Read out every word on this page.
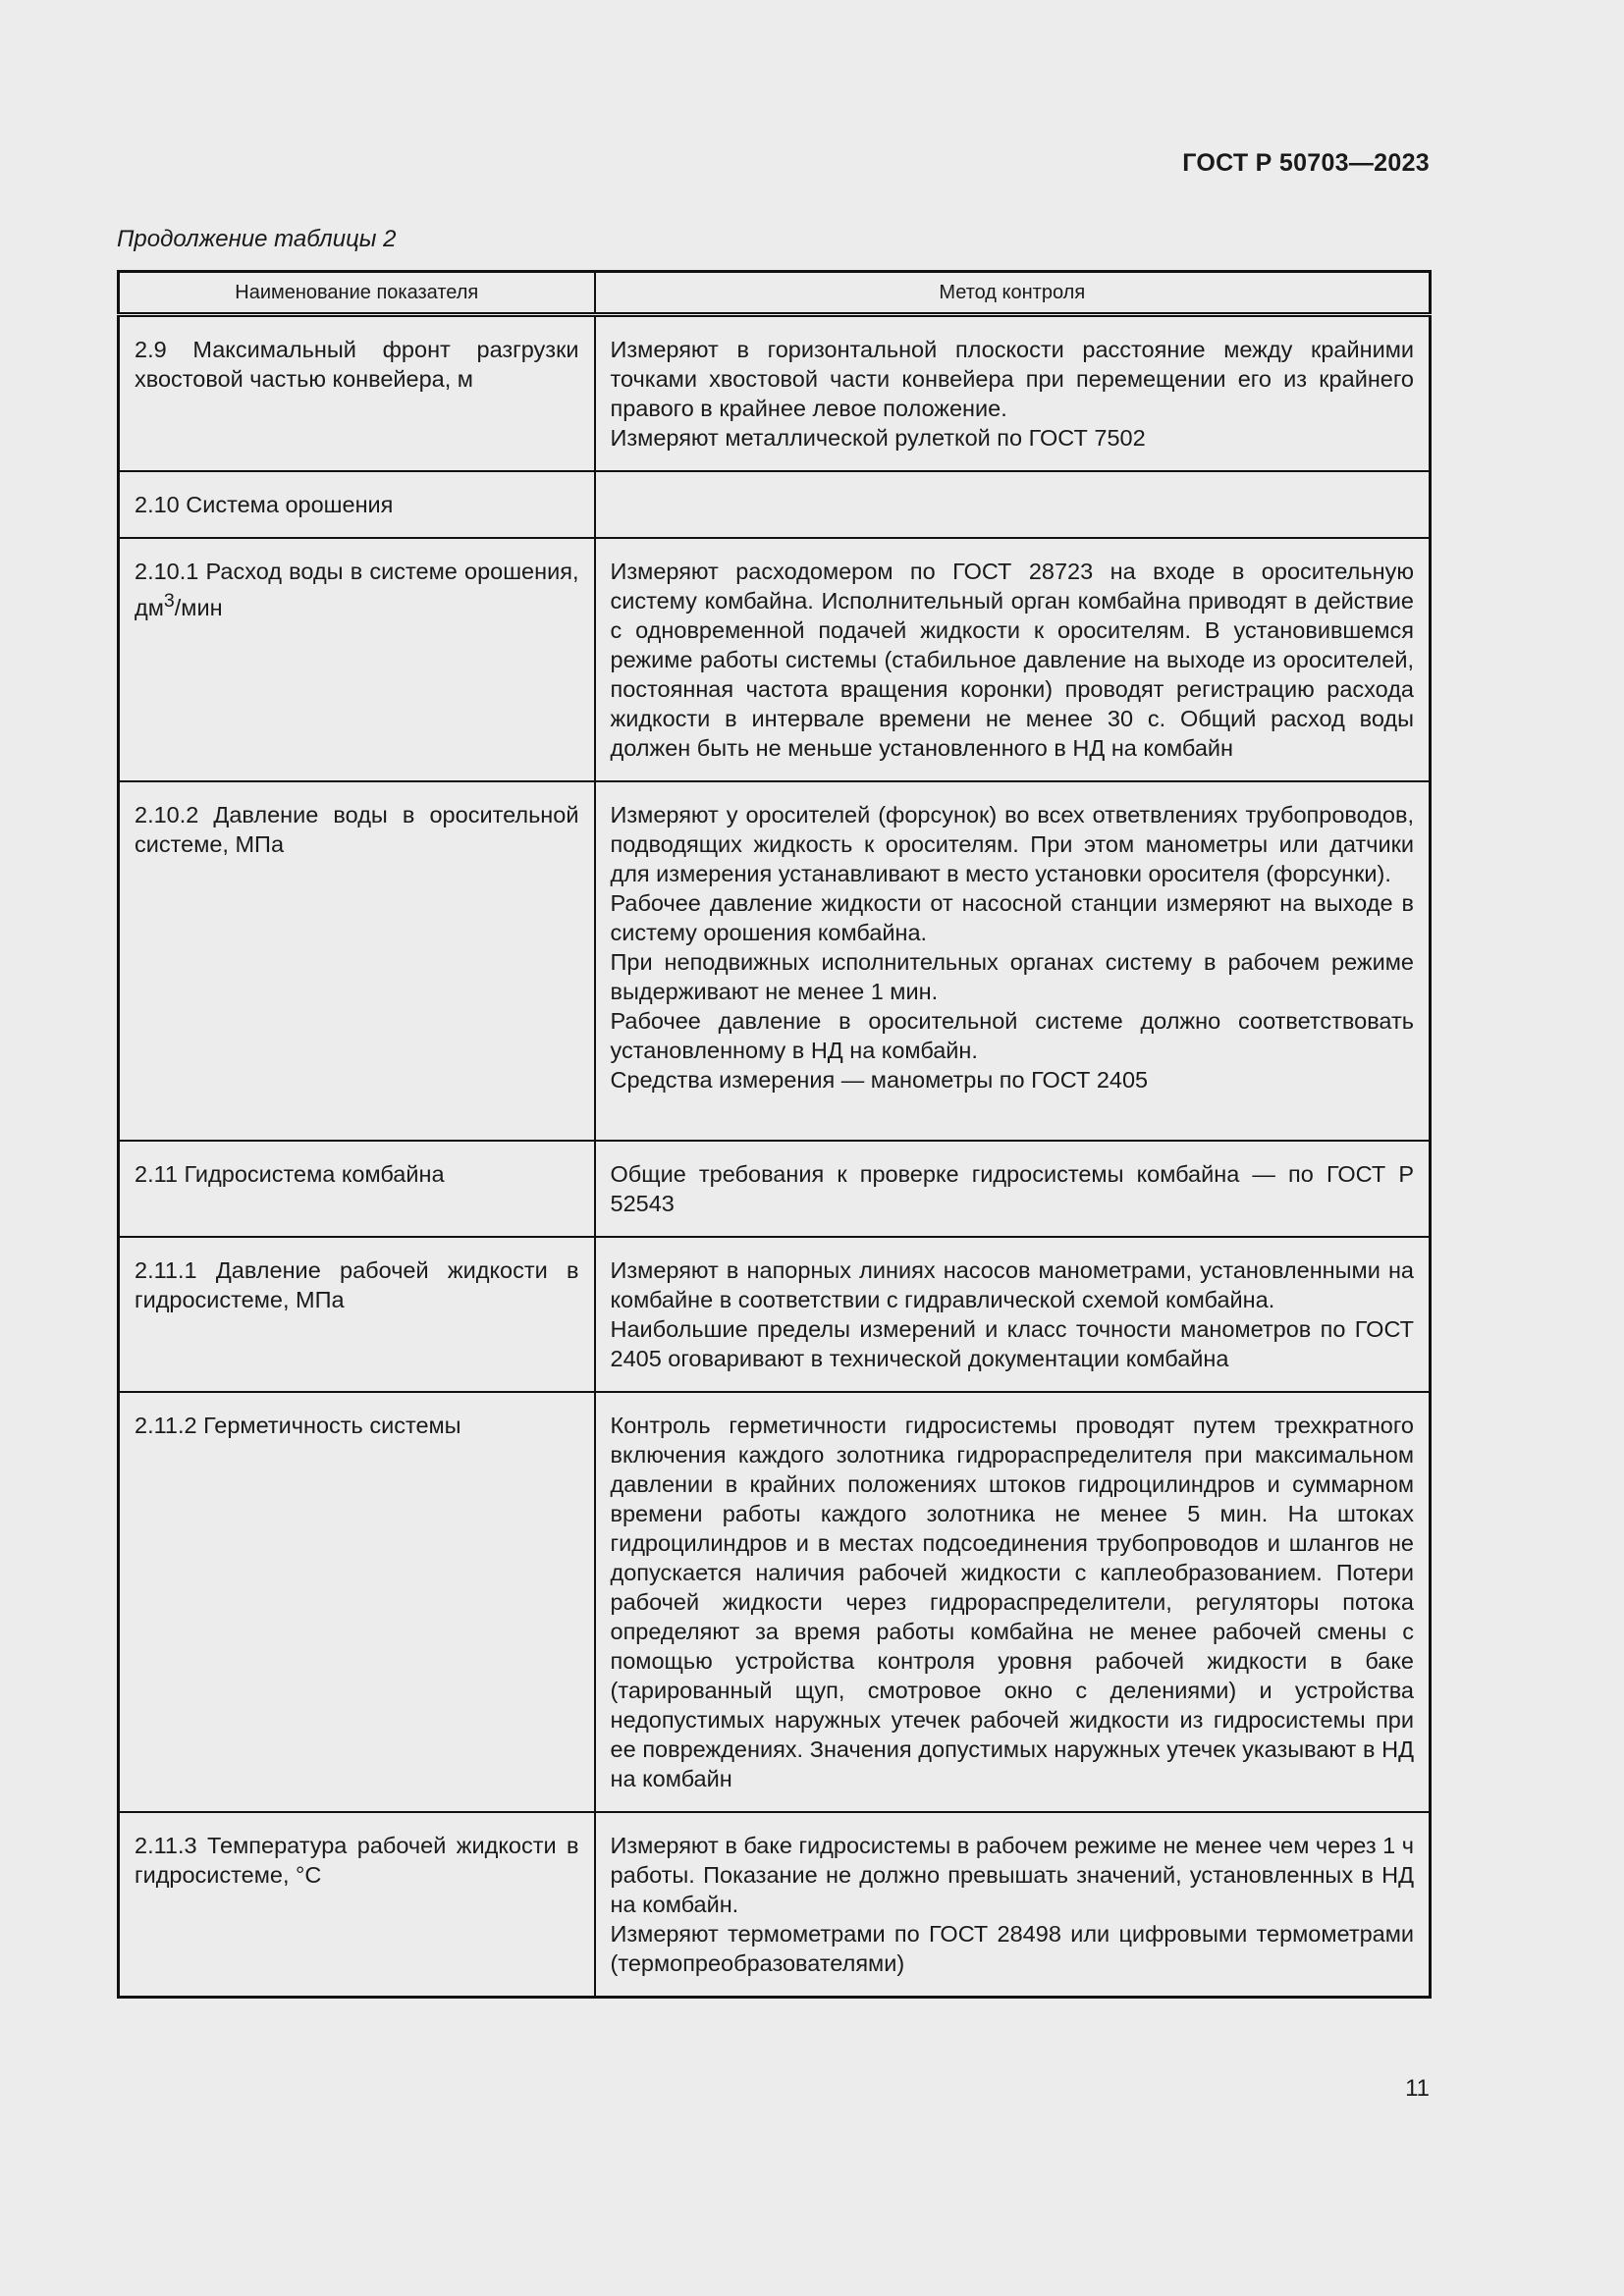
ГОСТ Р 50703—2023
Продолжение таблицы 2
Наименование показателя	Метод контроля
2.9 Максимальный фронт разгрузки хвостовой частью конвейера, м	Измеряют в горизонтальной плоскости расстояние между крайними точками хвостовой части конвейера при перемещении его из крайнего правого в крайнее левое положение.
Измеряют металлической рулеткой по ГОСТ 7502

2.10 Система орошения	
2.10.1 Расход воды в системе орошения, $дм^3$/мин	Измеряют расходомером по ГОСТ 28723 на входе в оросительную систему комбайна. Исполнительный орган комбайна приводят в действие с одновременной подачей жидкости к оросителям. В установившемся режиме работы системы (стабильное давление на выходе из оросителей, постоянная частота вращения коронки) проводят регистрацию расхода жидкости в интервале времени не менее 30 с. Общий расход воды должен быть не меньше установленного в НД на комбайн

2.10.2 Давление воды в оросительной системе, МПа	Измеряют у оросителей (форсунок) во всех ответвлениях трубопроводов, подводящих жидкость к оросителям. При этом манометры или датчики для измерения устанавливают в место установки оросителя (форсунки).
Рабочее давление жидкости от насосной станции измеряют на выходе в систему орошения комбайна.
При неподвижных исполнительных органах систему в рабочем режиме выдерживают не менее 1 мин.
Рабочее давление в оросительной системе должно соответствовать установленному в НД на комбайн.
Средства измерения — манометры по ГОСТ 2405

2.11 Гидросистема комбайна	Общие требования к проверке гидросистемы комбайна — по ГОСТ Р 52543

2.11.1 Давление рабочей жидкости в гидросистеме, МПа	Измеряют в напорных линиях насосов манометрами, установленными на комбайне в соответствии с гидравлической схемой комбайна.
Наибольшие пределы измерений и класс точности манометров по ГОСТ 2405 оговаривают в технической документации комбайна

2.11.2 Герметичность системы	Контроль герметичности гидросистемы проводят путем трехкратного включения каждого золотника гидрораспределителя при максимальном давлении в крайних положениях штоков гидроцилиндров и суммарном времени работы каждого золотника не менее 5 мин. На штоках гидроцилиндров и в местах подсоединения трубопроводов и шлангов не допускается наличия рабочей жидкости с каплеобразованием. Потери рабочей жидкости через гидрораспределители, регуляторы потока определяют за время работы комбайна не менее рабочей смены с помощью устройства контроля уровня рабочей жидкости в баке (тарированный щуп, смотровое окно с делениями) и устройства недопустимых наружных утечек рабочей жидкости из гидросистемы при ее повреждениях. Значения допустимых наружных утечек указывают в НД на комбайн

2.11.3 Температура рабочей жидкости в гидросистеме, °С	Измеряют в баке гидросистемы в рабочем режиме не менее чем через 1 ч работы. Показание не должно превышать значений, установленных в НД на комбайн.
Измеряют термометрами по ГОСТ 28498 или цифровыми термометрами (термопреобразователями)
11
